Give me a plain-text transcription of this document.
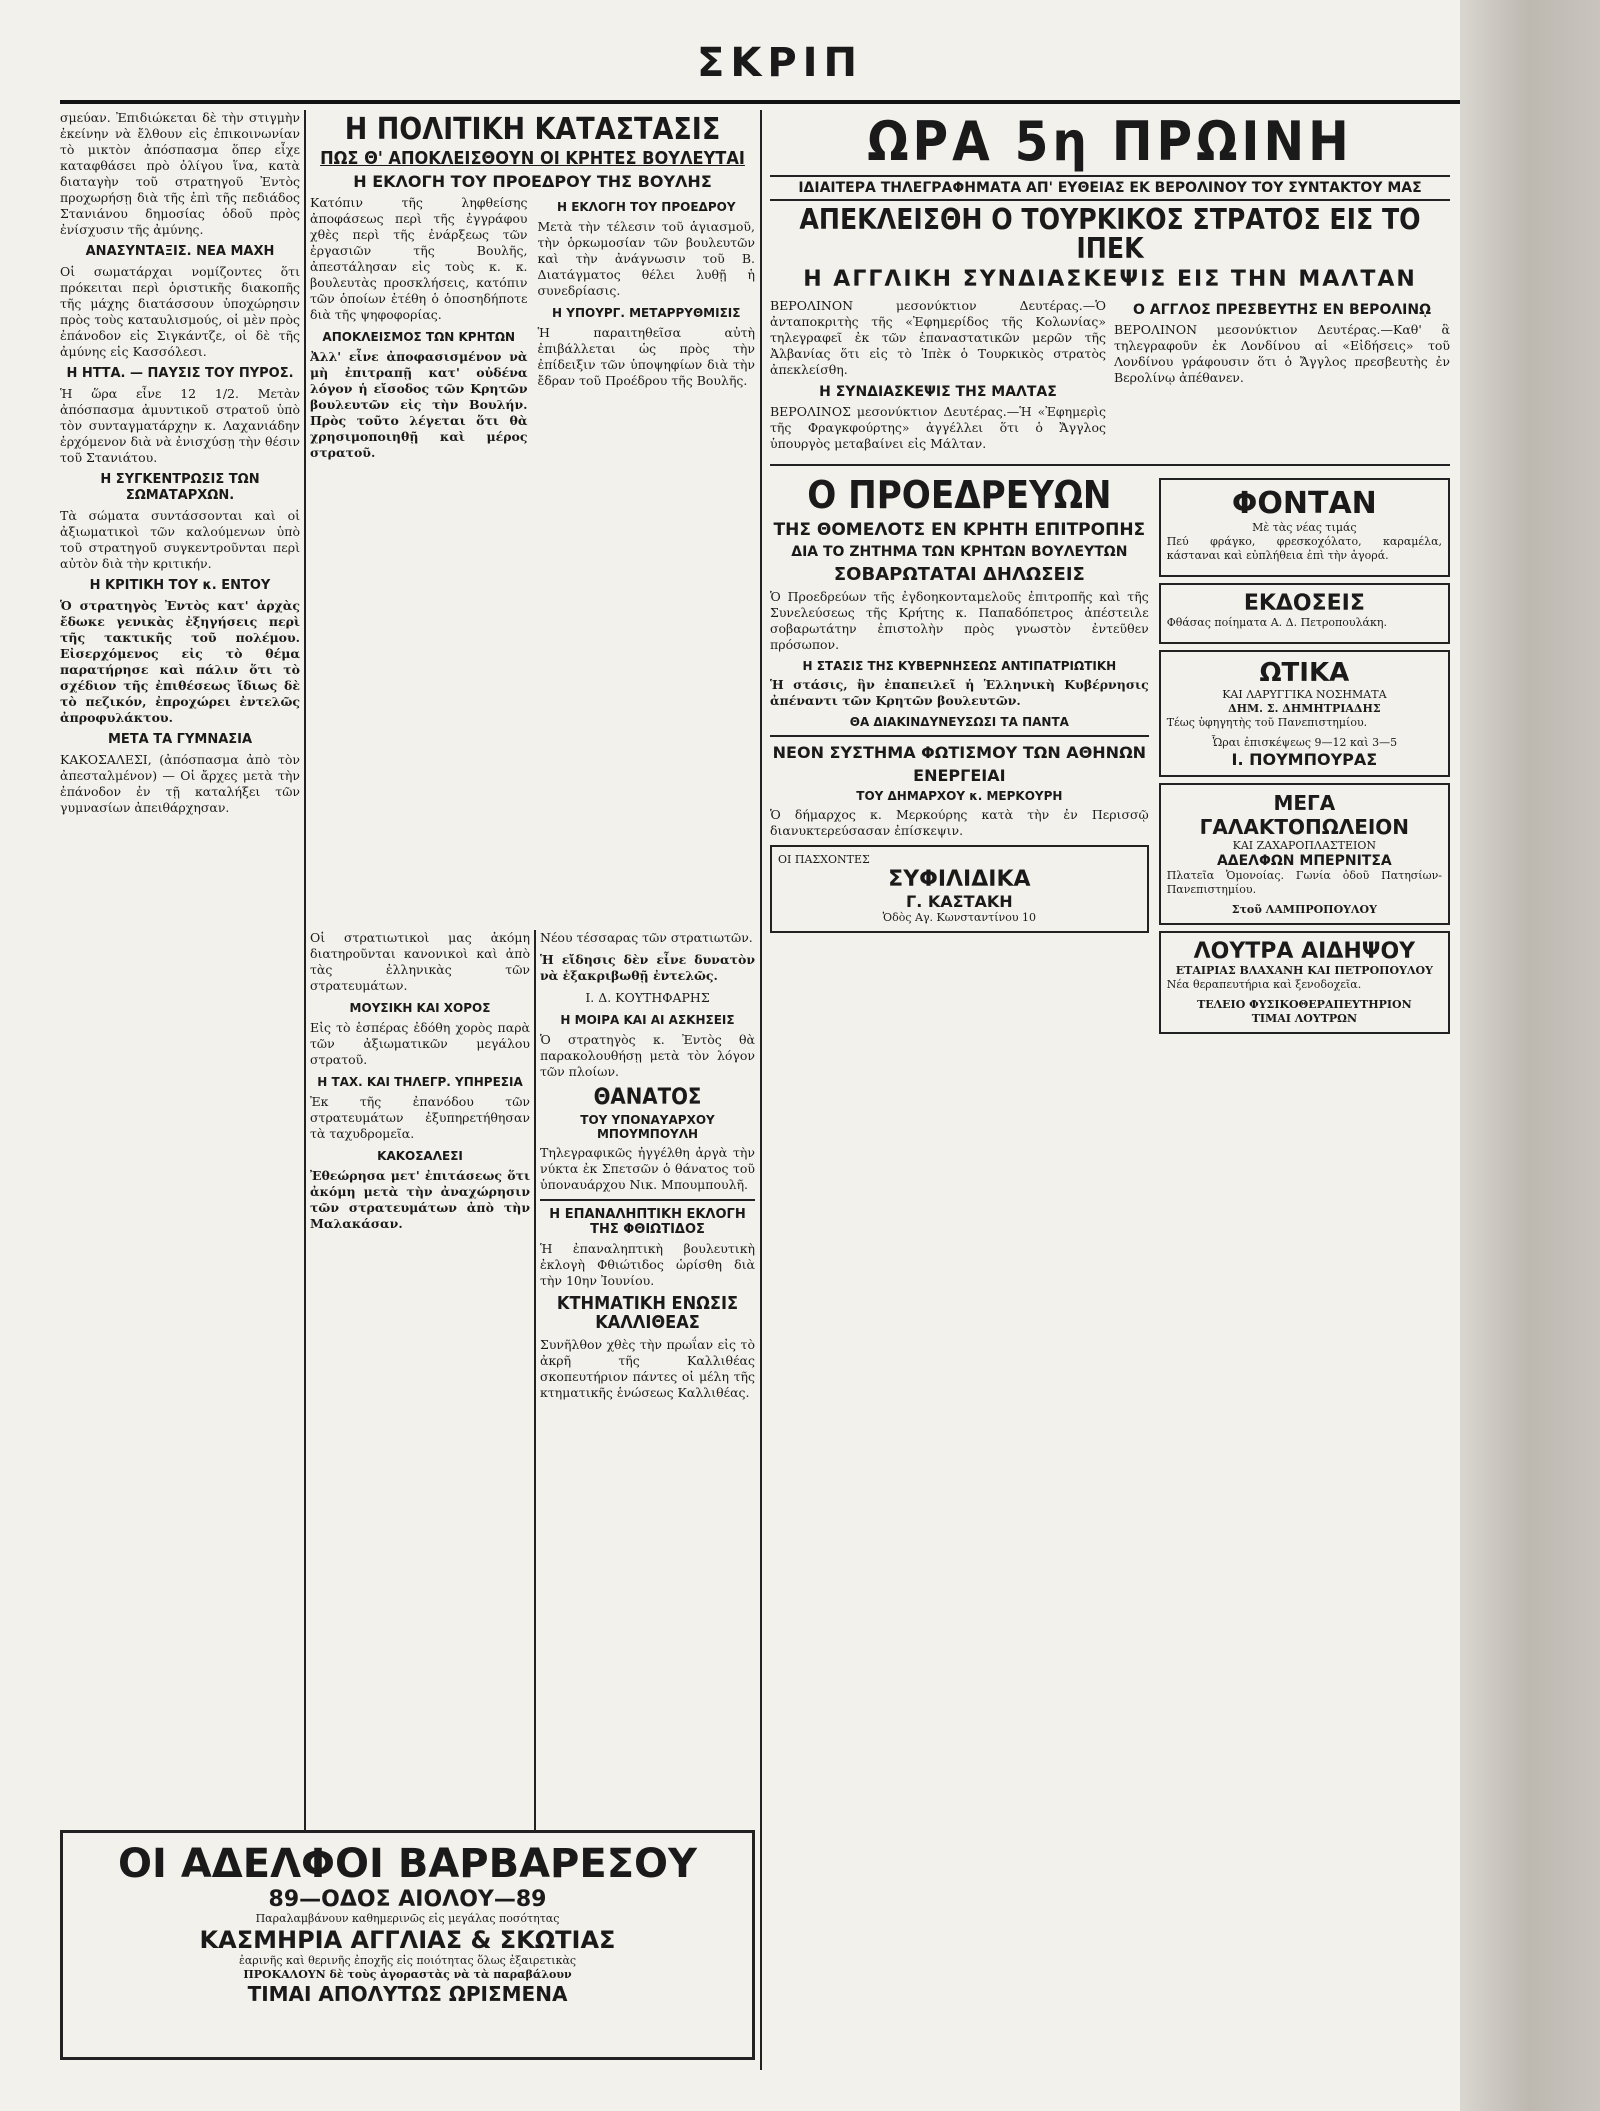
ΣΚΡΙΠ

σμεύαν. Ἐπιδιώκεται δὲ τὴν στιγμὴν ἐκείνην νὰ ἔλθουν εἰς ἐπικοινωνίαν τὸ μικτὸν ἀπόσπασμα ὅπερ εἶχε καταφθάσει πρὸ ὀλίγου ἵνα, κατὰ διαταγὴν τοῦ στρατηγοῦ Ἐντὸς προχωρήσῃ διὰ τῆς ἐπὶ τῆς πεδιάδος Στανιάνου δημοσίας ὁδοῦ πρὸς ἐνίσχυσιν τῆς ἀμύνης.

ΑΝΑΣΥΝΤΑΞΙΣ. ΝΕΑ ΜΑΧΗ

Οἱ σωματάρχαι νομίζοντες ὅτι πρόκειται περὶ ὁριστικῆς διακοπῆς τῆς μάχης διατάσσουν ὑποχώρησιν πρὸς τοὺς καταυλισμούς, οἱ μὲν πρὸς ἐπάνοδον εἰς Σιγκάντζε, οἱ δὲ τῆς ἀμύνης εἰς Κασσόλεσι.

Η ΗΤΤΑ. — ΠΑΥΣΙΣ ΤΟΥ ΠΥΡΟΣ.

Ἡ ὥρα εἶνε 12 1/2. Μετὰν ἀπόσπασμα ἀμυντικοῦ στρατοῦ ὑπὸ τὸν συνταγματάρχην κ. Λαχανιάδην ἐρχόμενον διὰ νὰ ἐνισχύσῃ τὴν θέσιν τοῦ Στανιάτου.

Η ΣΥΓΚΕΝΤΡΩΣΙΣ ΤΩΝ ΣΩΜΑΤΑΡΧΩΝ.

Τὰ σώματα συντάσσονται καὶ οἱ ἀξιωματικοὶ τῶν καλούμενων ὑπὸ τοῦ στρατηγοῦ συγκεντροῦνται περὶ αὐτὸν διὰ τὴν κριτικήν.

Η ΚΡΙΤΙΚΗ ΤΟΥ κ. ΕΝΤΟΥ

Ὁ στρατηγὸς Ἐντὸς κατ' ἀρχὰς ἔδωκε γενικὰς ἐξηγήσεις περὶ τῆς τακτικῆς τοῦ πολέμου. Εἰσερχόμενος εἰς τὸ θέμα παρατήρησε καὶ πάλιν ὅτι τὸ σχέδιον τῆς ἐπιθέσεως ἴδιως δὲ τὸ πεζικόν, ἐπροχώρει ἐντελῶς ἀπροφυλάκτου.

ΜΕΤΑ ΤΑ ΓΥΜΝΑΣΙΑ

ΚΑΚΟΣΑΛΕΣΙ, (ἀπόσπασμα ἀπὸ τὸν ἀπεσταλμένον) — Οἱ ἄρχες μετὰ τὴν ἐπάνοδον ἐν τῇ καταλήξει τῶν γυμνασίων ἀπειθάρχησαν.

Η ΠΟΛΙΤΙΚΗ ΚΑΤΑΣΤΑΣΙΣ
ΠΩΣ Θ' ΑΠΟΚΛΕΙΣΘΟΥΝ ΟΙ ΚΡΗΤΕΣ ΒΟΥΛΕΥΤΑΙ
Η ΕΚΛΟΓΗ ΤΟΥ ΠΡΟΕΔΡΟΥ ΤΗΣ ΒΟΥΛΗΣ

Κατόπιν τῆς ληφθείσης ἀποφάσεως περὶ τῆς ἐγγράφου χθὲς περὶ τῆς ἐνάρξεως τῶν ἐργασιῶν τῆς Βουλῆς, ἀπεστάλησαν εἰς τοὺς κ. κ. βουλευτὰς προσκλήσεις, κατόπιν τῶν ὁποίων ἐτέθη ὁ ὁποσηδήποτε διὰ τῆς ψηφοφορίας.

ΑΠΟΚΛΕΙΣΜΟΣ ΤΩΝ ΚΡΗΤΩΝ

Ἀλλ' εἶνε ἀποφασισμένον νὰ μὴ ἐπιτραπῇ κατ' οὐδένα λόγον ἡ εἴσοδος τῶν Κρητῶν βουλευτῶν εἰς τὴν Βουλήν. Πρὸς τοῦτο λέγεται ὅτι θὰ χρησιμοποιηθῇ καὶ μέρος στρατοῦ.

Η ΕΚΛΟΓΗ ΤΟΥ ΠΡΟΕΔΡΟΥ

Μετὰ τὴν τέλεσιν τοῦ ἁγιασμοῦ, τὴν ὁρκωμοσίαν τῶν βουλευτῶν καὶ τὴν ἀνάγνωσιν τοῦ Β. Διατάγματος θέλει λυθῇ ἡ συνεδρίασις.

Η ΥΠΟΥΡΓ. ΜΕΤΑΡΡΥΘΜΙΣΙΣ

Ἡ παραιτηθεῖσα αὐτὴ ἐπιβάλλεται ὡς πρὸς τὴν ἐπίδειξιν τῶν ὑποψηφίων διὰ τὴν ἔδραν τοῦ Προέδρου τῆς Βουλῆς.

Οἱ στρατιωτικοὶ μας ἀκόμη διατηροῦνται κανονικοὶ καὶ ἀπὸ τὰς ἐλληνικὰς τῶν στρατευμάτων.

ΜΟΥΣΙΚΗ ΚΑΙ ΧΟΡΟΣ

Εἰς τὸ ἑσπέρας ἐδόθη χορὸς παρὰ τῶν ἀξιωματικῶν μεγάλου στρατοῦ.

Η ΤΑΧ. ΚΑΙ ΤΗΛΕΓΡ. ΥΠΗΡΕΣΙΑ

Ἐκ τῆς ἐπανόδου τῶν στρατευμάτων ἐξυπηρετήθησαν τὰ ταχυδρομεῖα.

ΚΑΚΟΣΑΛΕΣΙ

Ἐθεώρησα μετ' ἐπιτάσεως ὅτι ἀκόμη μετὰ τὴν ἀναχώρησιν τῶν στρατευμάτων ἀπὸ τὴν Μαλακάσαν.

Νέου τέσσαρας τῶν στρατιωτῶν.

Ἡ εἴδησις δὲν εἶνε δυνατὸν νὰ ἐξακριβωθῇ ἐντελῶς.

Ι. Δ. ΚΟΥΤΗΦΑΡΗΣ

Η ΜΟΙΡΑ ΚΑΙ ΑΙ ΑΣΚΗΣΕΙΣ

Ὁ στρατηγὸς κ. Ἐντὸς θὰ παρακολουθήσῃ μετὰ τὸν λόγον τῶν πλοίων.

ΘΑΝΑΤΟΣ
ΤΟΥ ΥΠΟΝΑΥΑΡΧΟΥ ΜΠΟΥΜΠΟΥΛΗ

Τηλεγραφικῶς ἠγγέλθη ἀργὰ τὴν νύκτα ἐκ Σπετσῶν ὁ θάνατος τοῦ ὑποναυάρχου Νικ. Μπουμπουλῆ.

Η ΕΠΑΝΑΛΗΠΤΙΚΗ ΕΚΛΟΓΗ ΤΗΣ ΦΘΙΩΤΙΔΟΣ

Ἡ ἐπαναληπτικὴ βουλευτικὴ ἐκλογὴ Φθιώτιδος ὡρίσθη διὰ τὴν 10ην Ἰουνίου.

ΚΤΗΜΑΤΙΚΗ ΕΝΩΣΙΣ ΚΑΛΛΙΘΕΑΣ

Συνῆλθον χθὲς τὴν πρωΐαν εἰς τὸ ἀκρῆ τῆς Καλλιθέας σκοπευτήριον πάντες οἱ μέλη τῆς κτηματικῆς ἑνώσεως Καλλιθέας.

ΩΡΑ 5η ΠΡΩΙΝΗ
ΙΔΙΑΙΤΕΡΑ ΤΗΛΕΓΡΑΦΗΜΑΤΑ ΑΠ' ΕΥΘΕΙΑΣ ΕΚ ΒΕΡΟΛΙΝΟΥ ΤΟΥ ΣΥΝΤΑΚΤΟΥ ΜΑΣ
ΑΠΕΚΛΕΙΣΘΗ Ο ΤΟΥΡΚΙΚΟΣ ΣΤΡΑΤΟΣ ΕΙΣ ΤΟ ΙΠΕΚ
Η ΑΓΓΛΙΚΗ ΣΥΝΔΙΑΣΚΕΨΙΣ ΕΙΣ ΤΗΝ ΜΑΛΤΑΝ

ΒΕΡΟΛΙΝΟΝ μεσονύκτιον Δευτέρας.—Ὁ ἀνταποκριτὴς τῆς «Ἐφημερίδος τῆς Κολωνίας» τηλεγραφεῖ ἐκ τῶν ἐπαναστατικῶν μερῶν τῆς Ἀλβανίας ὅτι εἰς τὸ Ἰπὲκ ὁ Τουρκικὸς στρατὸς ἀπεκλείσθη.

Η ΣΥΝΔΙΑΣΚΕΨΙΣ ΤΗΣ ΜΑΛΤΑΣ

ΒΕΡΟΛΙΝΟΣ μεσονύκτιον Δευτέρας.—Ἡ «Ἐφημερὶς τῆς Φραγκφούρτης» ἀγγέλλει ὅτι ὁ Ἄγγλος ὑπουργὸς μεταβαίνει εἰς Μάλταν.

Ο ΑΓΓΛΟΣ ΠΡΕΣΒΕΥΤΗΣ ΕΝ ΒΕΡΟΛΙΝῼ

ΒΕΡΟΛΙΝΟΝ μεσονύκτιον Δευτέρας.—Καθ' ἃ τηλεγραφοῦν ἐκ Λονδίνου αἱ «Εἰδήσεις» τοῦ Λονδίνου γράφουσιν ὅτι ὁ Ἄγγλος πρεσβευτὴς ἐν Βερολίνῳ ἀπέθανεν.

Ο ΠΡΟΕΔΡΕΥΩΝ
ΤΗΣ ΘΟΜΕΛΟΤΣ ΕΝ ΚΡΗΤΗ ΕΠΙΤΡΟΠΗΣ
ΔΙΑ ΤΟ ΖΗΤΗΜΑ ΤΩΝ ΚΡΗΤΩΝ ΒΟΥΛΕΥΤΩΝ
ΣΟΒΑΡΩΤΑΤΑΙ ΔΗΛΩΣΕΙΣ

Ὁ Προεδρεύων τῆς ἐγδοηκονταμελοῦς ἐπιτροπῆς καὶ τῆς Συνελεύσεως τῆς Κρήτης κ. Παπαδόπετρος ἀπέστειλε σοβαρωτάτην ἐπιστολὴν πρὸς γνωστὸν ἐντεῦθεν πρόσωπον.

Η ΣΤΑΣΙΣ ΤΗΣ ΚΥΒΕΡΝΗΣΕΩΣ ΑΝΤΙΠΑΤΡΙΩΤΙΚΗ

Ἡ στάσις, ἣν ἐπαπειλεῖ ἡ Ἑλληνικὴ Κυβέρνησις ἀπέναντι τῶν Κρητῶν βουλευτῶν.

ΘΑ ΔΙΑΚΙΝΔΥΝΕΥΣΩΣΙ ΤΑ ΠΑΝΤΑ
ΝΕΟΝ ΣΥΣΤΗΜΑ ΦΩΤΙΣΜΟΥ ΤΩΝ ΑΘΗΝΩΝ
ΕΝΕΡΓΕΙΑΙ
ΤΟΥ ΔΗΜΑΡΧΟΥ κ. ΜΕΡΚΟΥΡΗ

Ὁ δήμαρχος κ. Μερκούρης κατὰ τὴν ἐν Περισσῷ διανυκτερεύσασαν ἐπίσκεψιν.

ΟΙ ΠΑΣΧΟΝΤΕΣ
ΣΥΦΙΛΙΔΙΚΑ
Γ. ΚΑΣΤΑΚΗ
Ὁδὸς Αγ. Κωνσταντίνου 10
ΦΟΝΤΑΝ
Μὲ τὰς νέας τιμάς

Πεύ φράγκο, φρεσκοχόλατο, καραμέλα, κάσταναι καὶ εὐπλήθεια ἐπὶ τὴν ἀγορά.

ΕΚΔΟΣΕΙΣ

Φθάσας ποίηματα Α. Δ. Πετροπουλάκη.

ΩΤΙΚΑ
ΚΑΙ ΛΑΡΥΓΓΙΚΑ ΝΟΣΗΜΑΤΑ
ΔΗΜ. Σ. ΔΗΜΗΤΡΙΑΔΗΣ

Τέως ὑφηγητὴς τοῦ Πανεπιστημίου.

Ὧραι ἐπισκέψεως 9—12 καὶ 3—5
Ι. ΠΟΥΜΠΟΥΡΑΣ
ΜΕΓΑ ΓΑΛΑΚΤΟΠΩΛΕΙΟΝ
ΚΑΙ ΖΑΧΑΡΟΠΛΑΣΤΕΙΟΝ
ΑΔΕΛΦΩΝ ΜΠΕΡΝΙΤΣΑ

Πλατεῖα Ὁμονοίας. Γωνία ὁδοῦ Πατησίων-Πανεπιστημίου.

Στοῦ ΛΑΜΠΡΟΠΟΥΛΟΥ
ΛΟΥΤΡΑ ΑΙΔΗΨΟΥ
ΕΤΑΙΡΙΑΣ ΒΛΑΧΑΝΗ ΚΑΙ ΠΕΤΡΟΠΟΥΛΟΥ

Νέα θεραπευτήρια καὶ ξενοδοχεῖα.

ΤΕΛΕΙΟ ΦΥΣΙΚΟΘΕΡΑΠΕΥΤΗΡΙΟΝ
ΤΙΜΑΙ ΛΟΥΤΡΩΝ
ΟΙ ΑΔΕΛΦΟΙ ΒΑΡΒΑΡΕΣΟΥ
89—ΟΔΟΣ ΑΙΟΛΟΥ—89
Παραλαμβάνουν καθημερινῶς εἰς μεγάλας ποσότητας
ΚΑΣΜΗΡΙΑ ΑΓΓΛΙΑΣ & ΣΚΩΤΙΑΣ
ἐαρινῆς καὶ θερινῆς ἐποχῆς εἰς ποιότητας ὅλως ἐξαιρετικὰς
ΠΡΟΚΑΛΟΥΝ δὲ τοὺς ἀγοραστὰς νὰ τὰ παραβάλουν
ΤΙΜΑΙ ΑΠΟΛΥΤΩΣ ΩΡΙΣΜΕΝΑ
